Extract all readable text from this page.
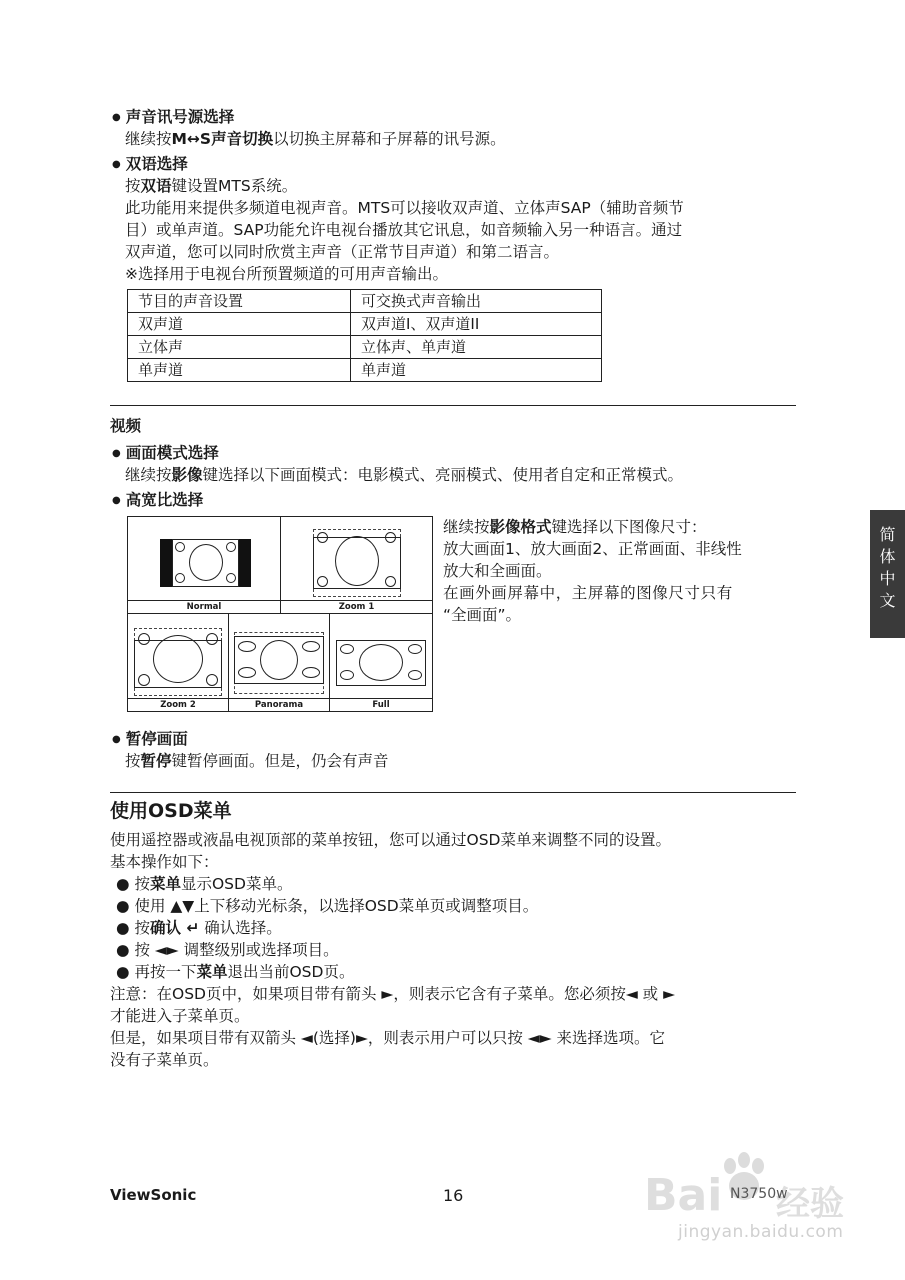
● 声音讯号源选择
继续按M↔S声音切换以切换主屏幕和子屏幕的讯号源。
● 双语选择
按双语键设置MTS系统。
此功能用来提供多频道电视声音。MTS可以接收双声道、立体声SAP（辅助音频节
目）或单声道。SAP功能允许电视台播放其它讯息，如音频输入另一种语言。通过
双声道，您可以同时欣赏主声音（正常节目声道）和第二语言。
※选择用于电视台所预置频道的可用声音输出。
节目的声音设置	可交换式声音输出
双声道	双声道I、双声道II
立体声	立体声、单声道
单声道	单声道
视频
● 画面模式选择
继续按影像键选择以下画面模式：电影模式、亮丽模式、使用者自定和正常模式。
● 高宽比选择
Normal	Zoom 1
Zoom 2	Panorama	Full
继续按影像格式键选择以下图像尺寸：
放大画面1、放大画面2、正常画面、非线性
放大和全画面。
在画外画屏幕中，主屏幕的图像尺寸只有
“全画面”。
● 暂停画面
按暂停键暂停画面。但是，仍会有声音
使用OSD菜单
使用遥控器或液晶电视顶部的菜单按钮，您可以通过OSD菜单来调整不同的设置。
基本操作如下：
● 按菜单显示OSD菜单。
● 使用 ▲▼上下移动光标条，以选择OSD菜单页或调整项目。
● 按确认 ↵ 确认选择。
● 按 ◄► 调整级别或选择项目。
● 再按一下菜单退出当前OSD页。
注意：在OSD页中，如果项目带有箭头 ►，则表示它含有子菜单。您必须按◄ 或 ►
才能进入子菜单页。
但是，如果项目带有双箭头 ◄(选择)►，则表示用户可以只按 ◄► 来选择选项。它
没有子菜单页。
简
体
中
文
Bai 经验
jingyan.baidu.com
ViewSonic	16	N3750w
